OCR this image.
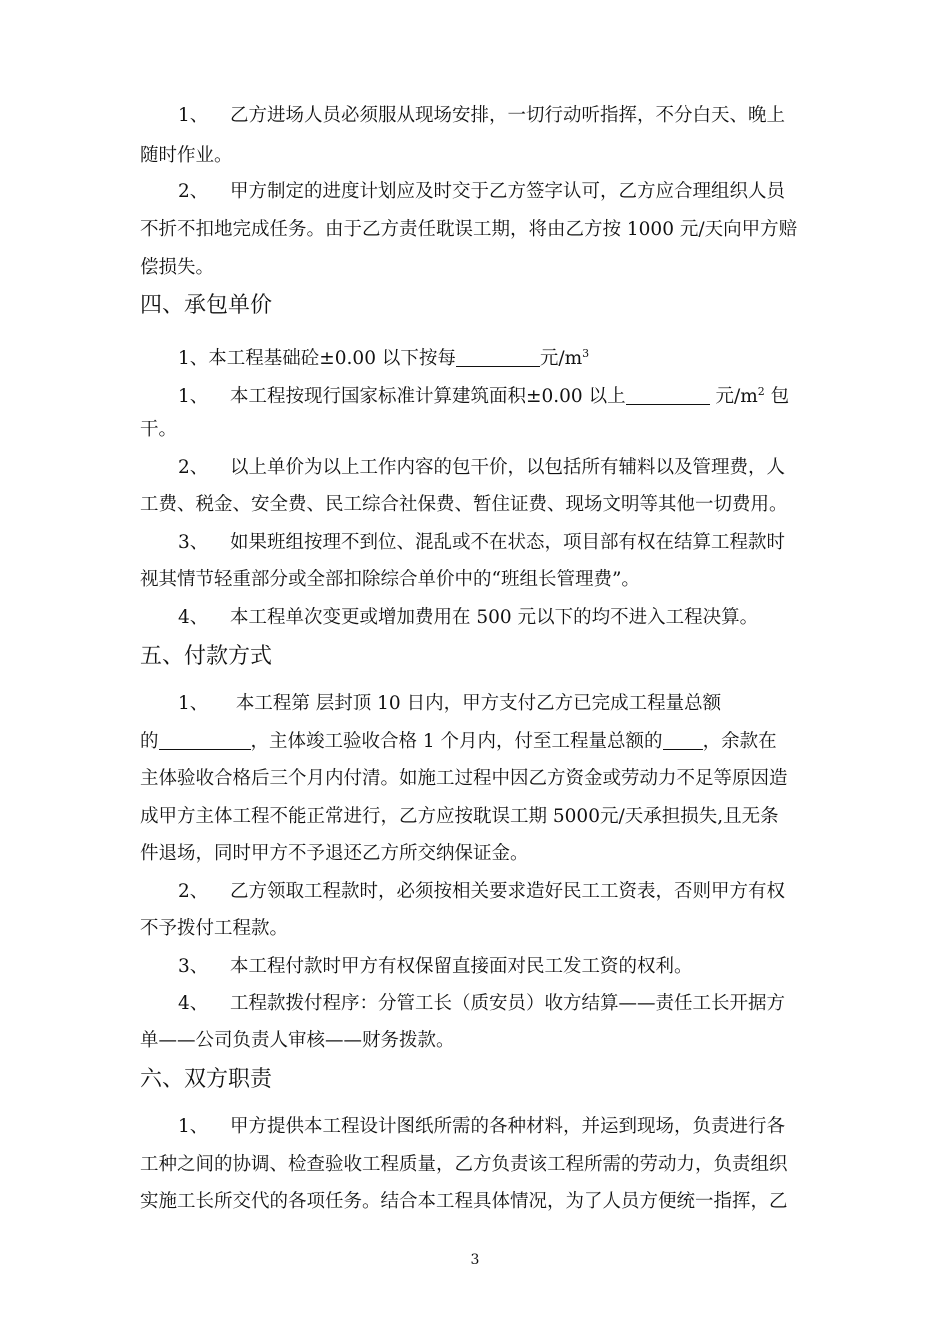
1、 乙方进场人员必须服从现场安排，一切行动听指挥，不分白天、晚上
随时作业。
2、 甲方制定的进度计划应及时交于乙方签字认可，乙方应合理组织人员
不折不扣地完成任务。由于乙方责任耽误工期，将由乙方按 1000 元/天向甲方赔
偿损失。
四、承包单价
1、本工程基础砼±0.00 以下按每	元$/m^3$
1、 本工程按现行国家标准计算建筑面积±0.00 以上	元$/m^2$ 包
干。
2、 以上单价为以上工作内容的包干价，以包括所有辅料以及管理费，人
工费、税金、安全费、民工综合社保费、暂住证费、现场文明等其他一切费用。
3、 如果班组按理不到位、混乱或不在状态，项目部有权在结算工程款时
视其情节轻重部分或全部扣除综合单价中的“班组长管理费”。
4、 本工程单次变更或增加费用在 500 元以下的均不进入工程决算。
五、付款方式
1、 本工程第 层封顶 10 日内，甲方支付乙方已完成工程量总额
的	，主体竣工验收合格 1 个月内，付至工程量总额的 ，余款在
主体验收合格后三个月内付清。如施工过程中因乙方资金或劳动力不足等原因造
成甲方主体工程不能正常进行，乙方应按耽误工期 5000元/天承担损失,且无条
件退场，同时甲方不予退还乙方所交纳保证金。
2、 乙方领取工程款时，必须按相关要求造好民工工资表，否则甲方有权
不予拨付工程款。
3、 本工程付款时甲方有权保留直接面对民工发工资的权利。
4、 工程款拨付程序：分管工长（质安员）收方结算——责任工长开据方
单——公司负责人审核——财务拨款。
六、双方职责
1、 甲方提供本工程设计图纸所需的各种材料，并运到现场，负责进行各
工种之间的协调、检查验收工程质量，乙方负责该工程所需的劳动力，负责组织
实施工长所交代的各项任务。结合本工程具体情况，为了人员方便统一指挥，乙
3
